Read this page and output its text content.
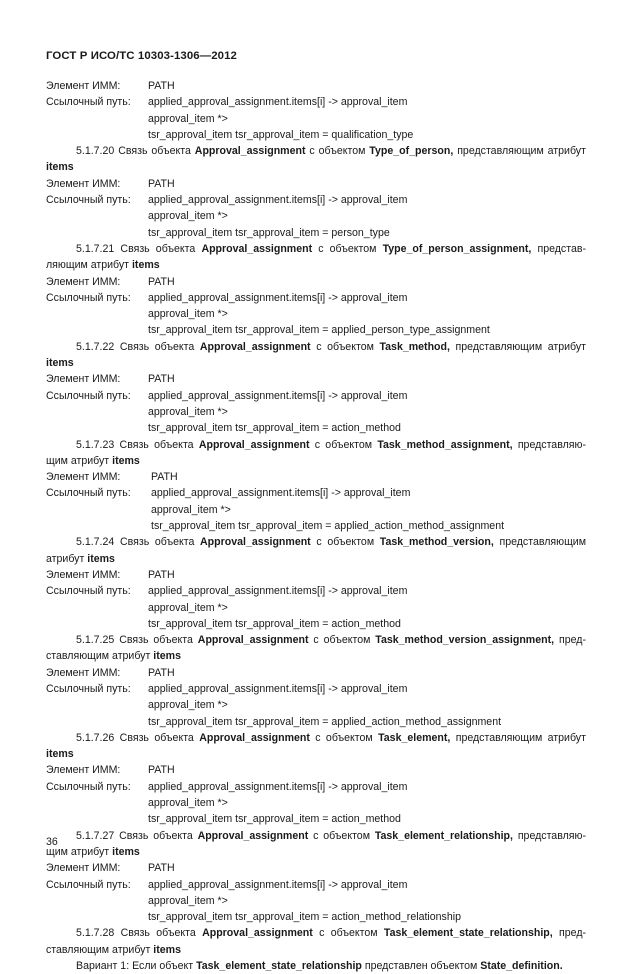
ГОСТ Р ИСО/ТС 10303-1306—2012
Элемент ИММ:	PATH
Ссылочный путь: applied_approval_assignment.items[i] -> approval_item
approval_item *>
tsr_approval_item tsr_approval_item = qualification_type
5.1.7.20 Связь объекта Approval_assignment с объектом Type_of_person, представляющим атрибут
items
Элемент ИММ:	PATH
Ссылочный путь: applied_approval_assignment.items[i] -> approval_item
approval_item *>
tsr_approval_item tsr_approval_item = person_type
5.1.7.21 Связь объекта Approval_assignment с объектом Type_of_person_assignment, представ-
ляющим атрибут items
Элемент ИММ:	PATH
Ссылочный путь: applied_approval_assignment.items[i] -> approval_item
approval_item *>
tsr_approval_item tsr_approval_item = applied_person_type_assignment
5.1.7.22 Связь объекта Approval_assignment с объектом Task_method, представляющим атрибут
items
Элемент ИММ:	PATH
Ссылочный путь: applied_approval_assignment.items[i] -> approval_item
approval_item *>
tsr_approval_item tsr_approval_item = action_method
5.1.7.23 Связь объекта Approval_assignment с объектом Task_method_assignment, представляю-
щим атрибут items
Элемент ИММ:	PATH
Ссылочный путь: applied_approval_assignment.items[i] -> approval_item
approval_item *>
tsr_approval_item tsr_approval_item = applied_action_method_assignment
5.1.7.24 Связь объекта Approval_assignment с объектом Task_method_version, представляющим
атрибут items
Элемент ИММ:	PATH
Ссылочный путь: applied_approval_assignment.items[i] -> approval_item
approval_item *>
tsr_approval_item tsr_approval_item = action_method
5.1.7.25 Связь объекта Approval_assignment с объектом Task_method_version_assignment, пред-
ставляющим атрибут items
Элемент ИММ:	PATH
Ссылочный путь: applied_approval_assignment.items[i] -> approval_item
approval_item *>
tsr_approval_item tsr_approval_item = applied_action_method_assignment
5.1.7.26 Связь объекта Approval_assignment с объектом Task_element, представляющим атрибут
items
Элемент ИММ:	PATH
Ссылочный путь: applied_approval_assignment.items[i] -> approval_item
approval_item *>
tsr_approval_item tsr_approval_item = action_method
5.1.7.27 Связь объекта Approval_assignment с объектом Task_element_relationship, представляю-
щим атрибут items
Элемент ИММ:	PATH
Ссылочный путь: applied_approval_assignment.items[i] -> approval_item
approval_item *>
tsr_approval_item tsr_approval_item = action_method_relationship
5.1.7.28 Связь объекта Approval_assignment с объектом Task_element_state_relationship, пред-
ставляющим атрибут items
Вариант 1: Если объект Task_element_state_relationship представлен объектом State_definition.
36
